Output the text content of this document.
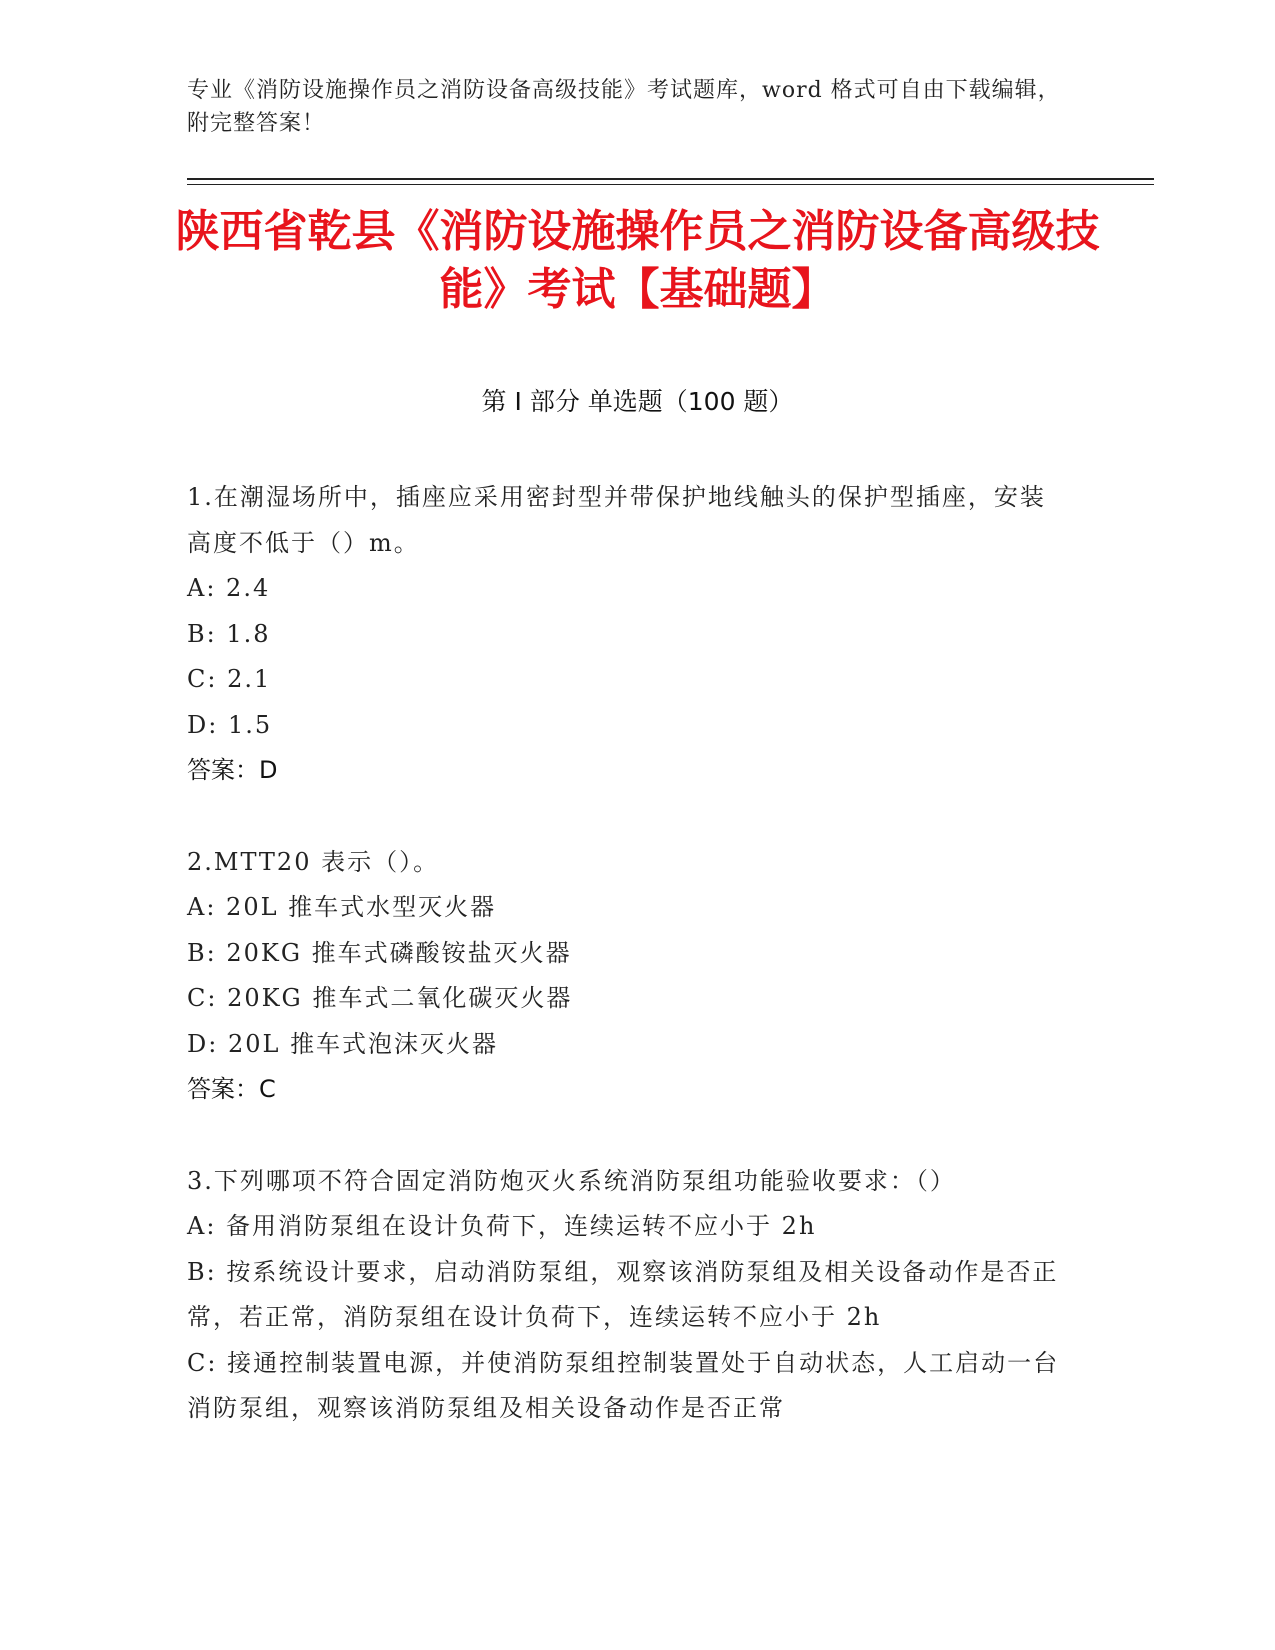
专业《消防设施操作员之消防设备高级技能》考试题库，word 格式可自由下载编辑，附完整答案！
陕西省乾县《消防设施操作员之消防设备高级技能》考试【基础题】
第 I 部分 单选题（100 题）
1.在潮湿场所中，插座应采用密封型并带保护地线触头的保护型插座，安装高度不低于（）m。
A: 2.4
B: 1.8
C: 2.1
D: 1.5
答案：D
2.MTT20 表示（）。
A: 20L 推车式水型灭火器
B: 20KG 推车式磷酸铵盐灭火器
C: 20KG 推车式二氧化碳灭火器
D: 20L 推车式泡沫灭火器
答案：C
3.下列哪项不符合固定消防炮灭火系统消防泵组功能验收要求：（）
A: 备用消防泵组在设计负荷下，连续运转不应小于 2h
B: 按系统设计要求，启动消防泵组，观察该消防泵组及相关设备动作是否正常，若正常，消防泵组在设计负荷下，连续运转不应小于 2h
C: 接通控制装置电源，并使消防泵组控制装置处于自动状态，人工启动一台消防泵组，观察该消防泵组及相关设备动作是否正常
